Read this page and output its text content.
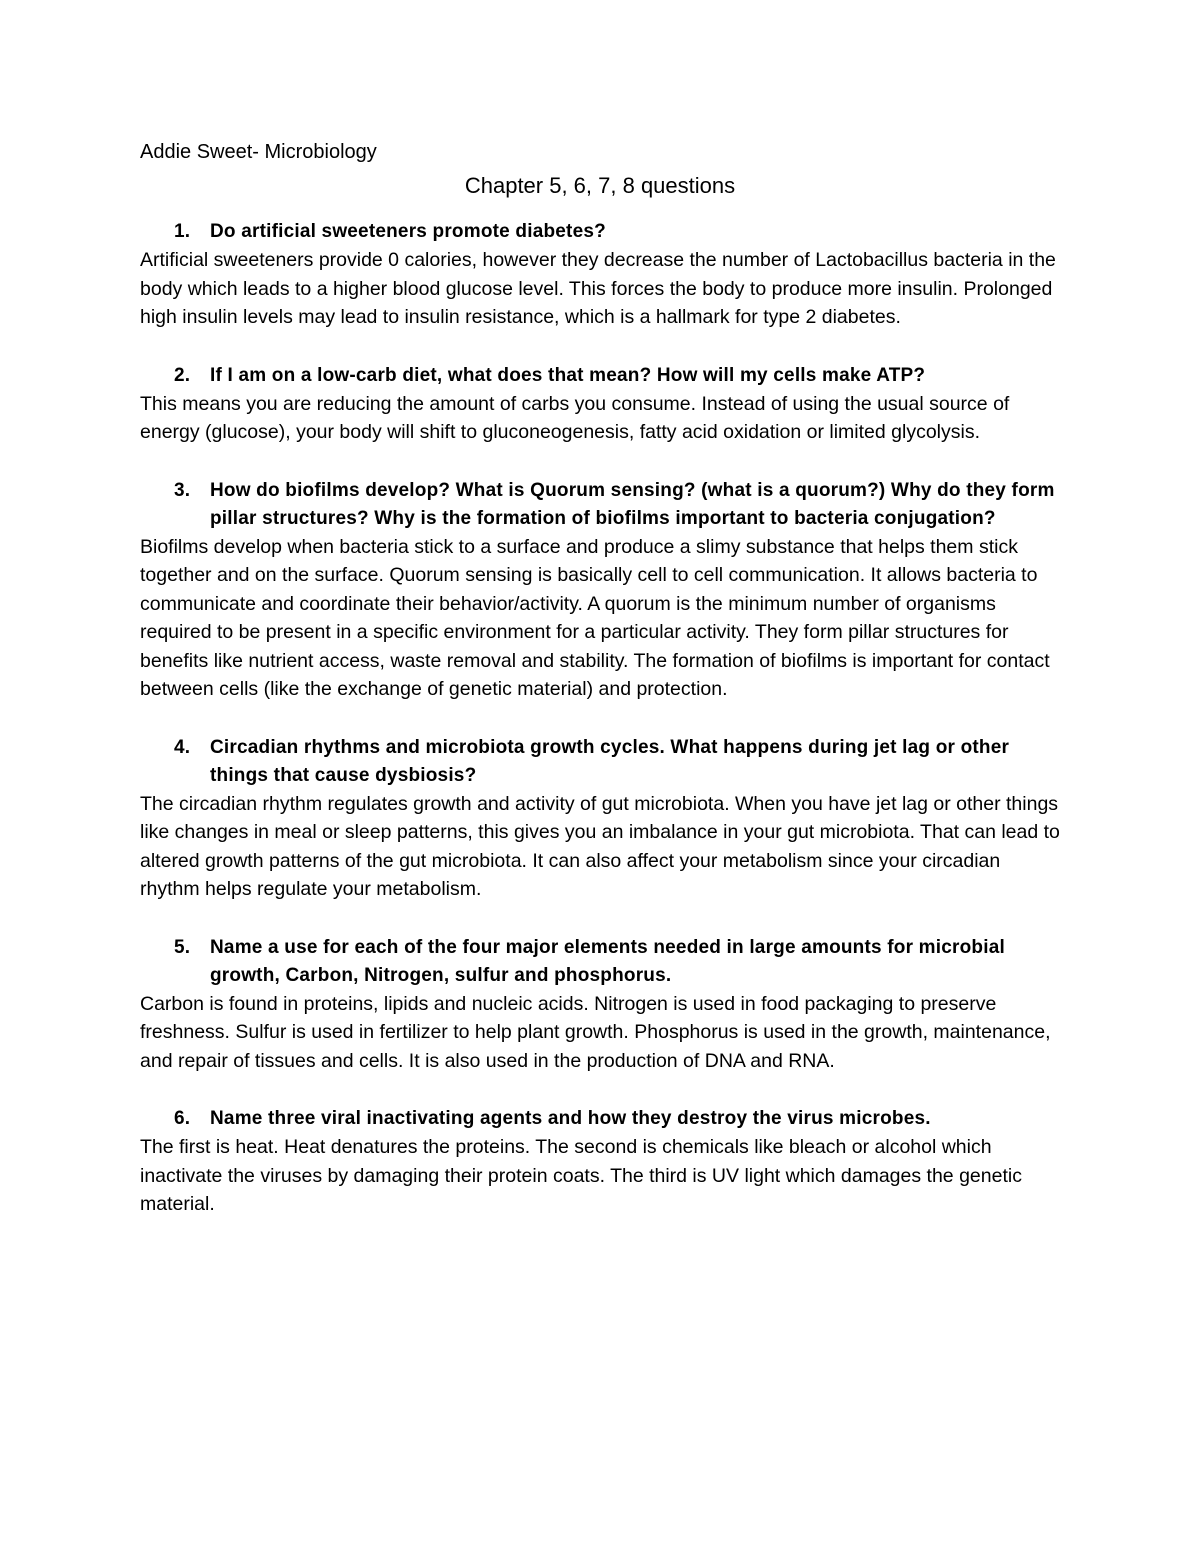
Addie Sweet- Microbiology

Chapter 5, 6, 7, 8 questions
1.	Do artificial sweeteners promote diabetes?

Artificial sweeteners provide 0 calories, however they decrease the number of Lactobacillus bacteria in the body which leads to a higher blood glucose level. This forces the body to produce more insulin. Prolonged high insulin levels may lead to insulin resistance, which is a hallmark for type 2 diabetes.

2.	If I am on a low-carb diet, what does that mean? How will my cells make ATP?

This means you are reducing the amount of carbs you consume. Instead of using the usual source of energy (glucose), your body will shift to gluconeogenesis, fatty acid oxidation or limited glycolysis.

3.	How do biofilms develop? What is Quorum sensing? (what is a quorum?) Why do they form pillar structures? Why is the formation of biofilms important to bacteria conjugation?

Biofilms develop when bacteria stick to a surface and produce a slimy substance that helps them stick together and on the surface. Quorum sensing is basically cell to cell communication. It allows bacteria to communicate and coordinate their behavior/activity. A quorum is the minimum number of organisms required to be present in a specific environment for a particular activity. They form pillar structures for benefits like nutrient access, waste removal and stability. The formation of biofilms is important for contact between cells (like the exchange of genetic material) and protection.

4.	Circadian rhythms and microbiota growth cycles. What happens during jet lag or other things that cause dysbiosis?

The circadian rhythm regulates growth and activity of gut microbiota. When you have jet lag or other things like changes in meal or sleep patterns, this gives you an imbalance in your gut microbiota. That can lead to altered growth patterns of the gut microbiota. It can also affect your metabolism since your circadian rhythm helps regulate your metabolism.

5.	Name a use for each of the four major elements needed in large amounts for microbial growth, Carbon, Nitrogen, sulfur and phosphorus.

Carbon is found in proteins, lipids and nucleic acids. Nitrogen is used in food packaging to preserve freshness. Sulfur is used in fertilizer to help plant growth. Phosphorus is used in the growth, maintenance, and repair of tissues and cells. It is also used in the production of DNA and RNA.

6.	Name three viral inactivating agents and how they destroy the virus microbes.

The first is heat. Heat denatures the proteins. The second is chemicals like bleach or alcohol which inactivate the viruses by damaging their protein coats. The third is UV light which damages the genetic material.
